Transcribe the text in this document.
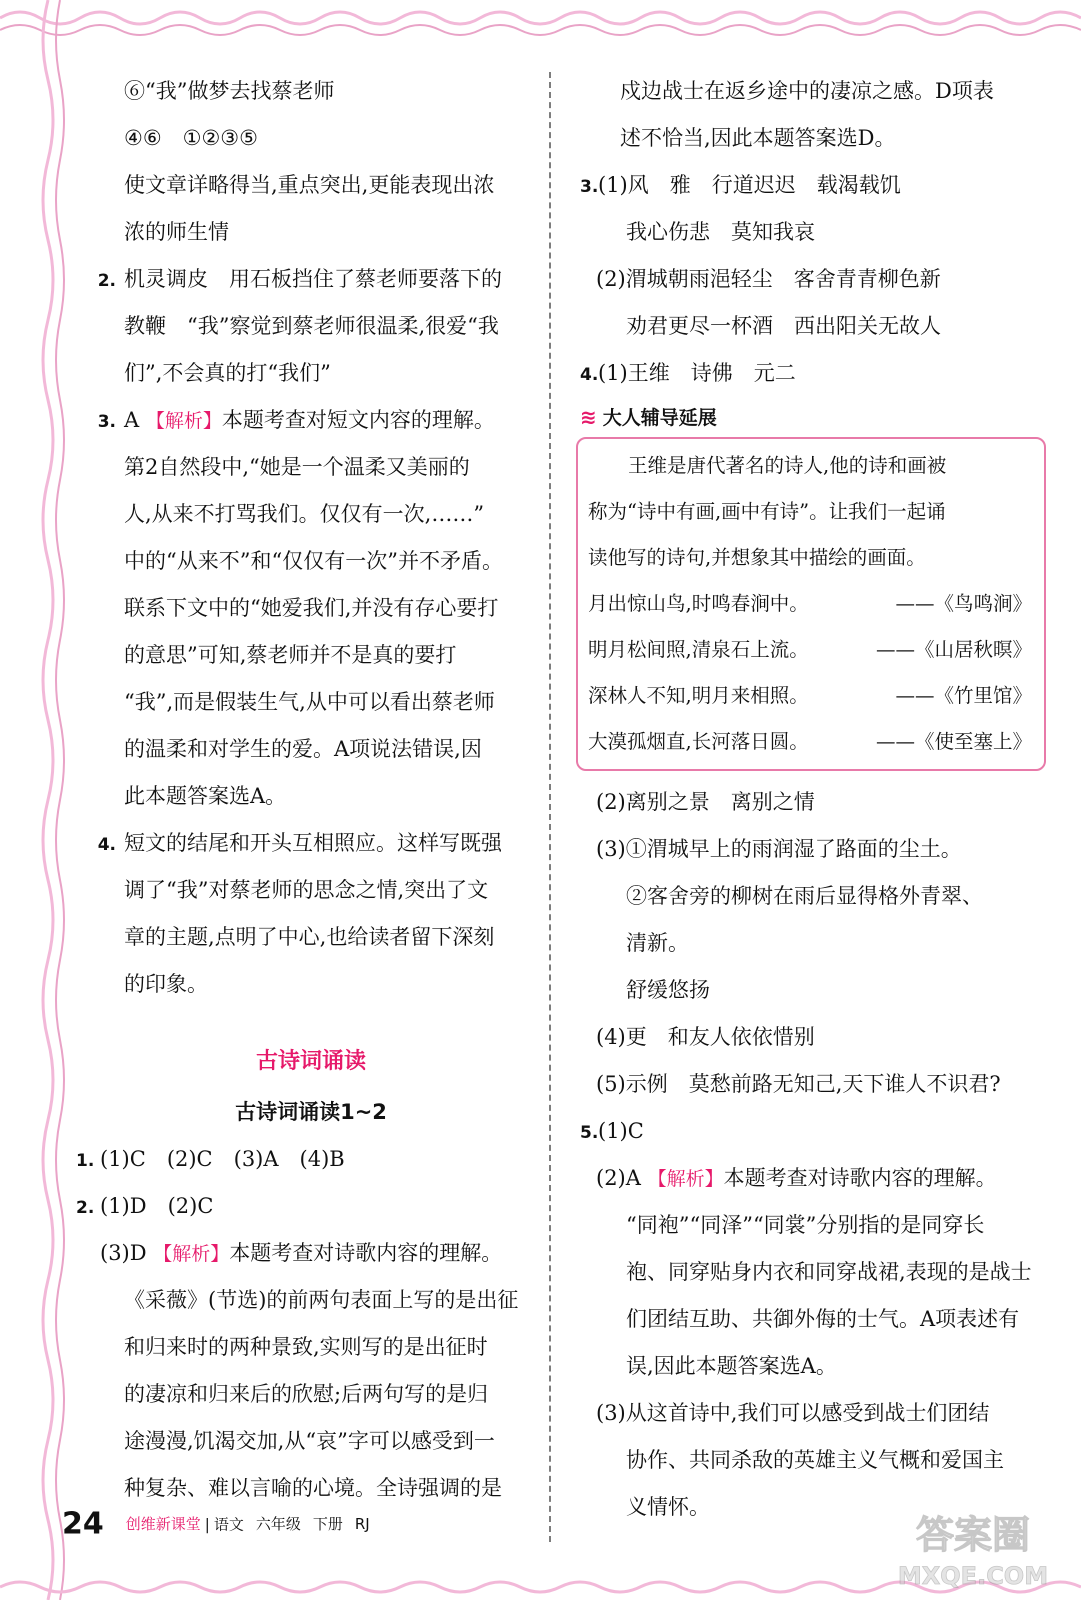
⑥“我”做梦去找蔡老师
④⑥　①②③⑤
使文章详略得当,重点突出,更能表现出浓
浓的师生情
2. 机灵调皮　用石板挡住了蔡老师要落下的
教鞭　“我”察觉到蔡老师很温柔,很爱“我
们”,不会真的打“我们”
3. A 【解析】本题考查对短文内容的理解。
第2自然段中,“她是一个温柔又美丽的
人,从来不打骂我们。仅仅有一次,……”
中的“从来不”和“仅仅有一次”并不矛盾。
联系下文中的“她爱我们,并没有存心要打
的意思”可知,蔡老师并不是真的要打
“我”,而是假装生气,从中可以看出蔡老师
的温柔和对学生的爱。A项说法错误,因
此本题答案选A。
4. 短文的结尾和开头互相照应。这样写既强
调了“我”对蔡老师的思念之情,突出了文
章的主题,点明了中心,也给读者留下深刻
的印象。
古诗词诵读
古诗词诵读1~2
1. (1)C　(2)C　(3)A　(4)B
2. (1)D　(2)C
(3)D 【解析】本题考查对诗歌内容的理解。
《采薇》(节选)的前两句表面上写的是出征
和归来时的两种景致,实则写的是出征时
的凄凉和归来后的欣慰;后两句写的是归
途漫漫,饥渴交加,从“哀”字可以感受到一
种复杂、难以言喻的心境。全诗强调的是
戍边战士在返乡途中的凄凉之感。D项表
述不恰当,因此本题答案选D。
3.(1)风　雅　行道迟迟　载渴载饥
我心伤悲　莫知我哀
(2)渭城朝雨浥轻尘　客舍青青柳色新
劝君更尽一杯酒　西出阳关无故人
4.(1)王维　诗佛　元二
≋ 大人辅导延展
王维是唐代著名的诗人,他的诗和画被
称为“诗中有画,画中有诗”。让我们一起诵
读他写的诗句,并想象其中描绘的画面。
月出惊山鸟,时鸣春涧中。	——《鸟鸣涧》
明月松间照,清泉石上流。	——《山居秋暝》
深林人不知,明月来相照。	——《竹里馆》
大漠孤烟直,长河落日圆。	——《使至塞上》
(2)离别之景　离别之情
(3)①渭城早上的雨润湿了路面的尘土。
②客舍旁的柳树在雨后显得格外青翠、
清新。
舒缓悠扬
(4)更　和友人依依惜别
(5)示例　莫愁前路无知己,天下谁人不识君?
5.(1)C
(2)A 【解析】本题考查对诗歌内容的理解。
“同袍”“同泽”“同裳”分别指的是同穿长
袍、同穿贴身内衣和同穿战裙,表现的是战士
们团结互助、共御外侮的士气。A项表述有
误,因此本题答案选A。
(3)从这首诗中,我们可以感受到战士们团结
协作、共同杀敌的英雄主义气概和爱国主
义情怀。
24 创维新课堂 | 语文 六年级 下册 RJ	答案圈
MXQE.COM
